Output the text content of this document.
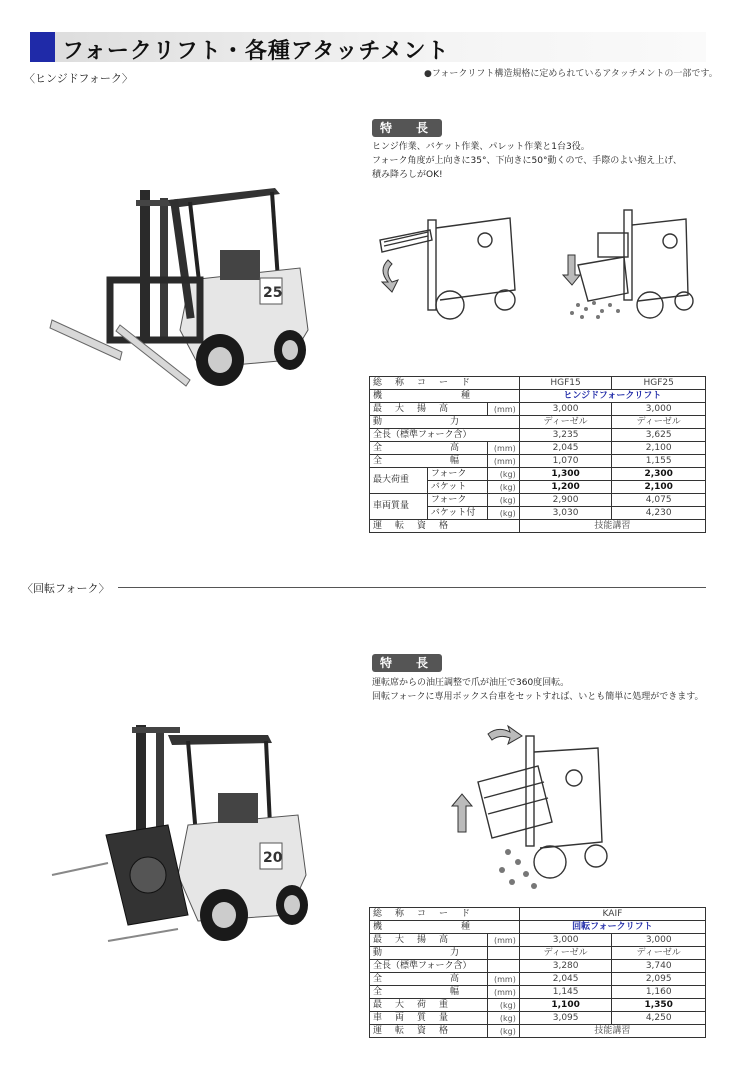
フォークリフト・各種アタッチメント
〈ヒンジドフォーク〉	●フォークリフト構造規格に定められているアタッチメントの一部です。
25
特　長
ヒンジ作業、バケット作業、パレット作業と1台3役。
フォーク角度が上向きに35°、下向きに50°動くので、手際のよい抱え上げ、
積み降ろしがOK!
総　称　コ　ー　ド			HGF15	HGF25
機　　　　　　　種			ヒンジドフォークリフト	
最　大　揚　高		(mm)	3,000	3,000
動　　　　　　力			ディーゼル	ディーゼル
全長（標準フォーク含）			3,235	3,625
全　　　　　　高		(mm)	2,045	2,100
全　　　　　　幅		(mm)	1,070	1,155
最大荷重	フォーク	(kg)	1,300	2,300
	バケット	(kg)	1,200	2,100
車両質量	フォーク	(kg)	2,900	4,075
	バケット付	(kg)	3,030	4,230
運　転　資　格			技能講習	
〈回転フォーク〉
20
特　長
運転席からの油圧調整で爪が油圧で360度回転。
回転フォークに専用ボックス台車をセットすれば、いとも簡単に処理ができます。
総　称　コ　ー　ド		KAIF	
機　　　　　　　種		回転フォークリフト	
最　大　揚　高	(mm)	3,000	3,000
動　　　　　　力		ディーゼル	ディーゼル
全長（標準フォーク含）		3,280	3,740
全　　　　　　高	(mm)	2,045	2,095
全　　　　　　幅	(mm)	1,145	1,160
最　大　荷　重	(kg)	1,100	1,350
車　両　質　量	(kg)	3,095	4,250
運　転　資　格	(kg)	技能講習	
